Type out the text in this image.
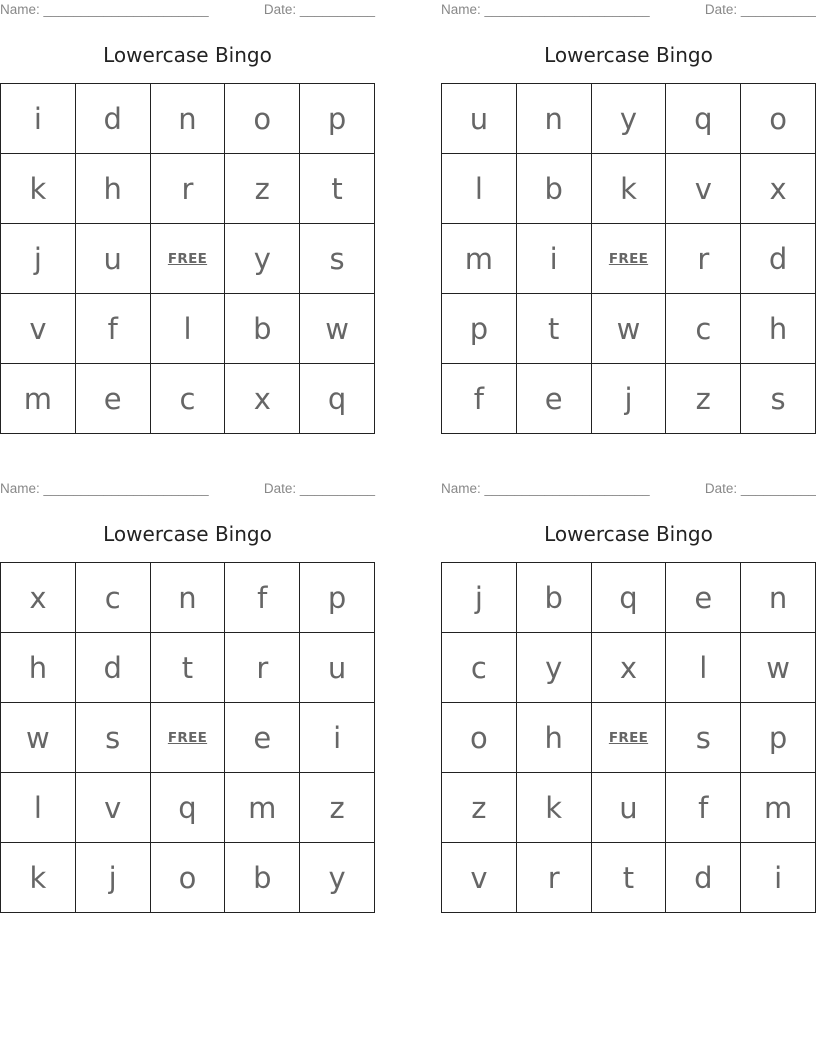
Name: ______________________	Date: __________
Lowercase Bingo
i	d	n	o	p
k	h	r	z	t
j	u	FREE	y	s
v	f	l	b	w
m	e	c	x	q
Name: ______________________	Date: __________
Lowercase Bingo
u	n	y	q	o
l	b	k	v	x
m	i	FREE	r	d
p	t	w	c	h
f	e	j	z	s
Name: ______________________	Date: __________
Lowercase Bingo
x	c	n	f	p
h	d	t	r	u
w	s	FREE	e	i
l	v	q	m	z
k	j	o	b	y
Name: ______________________	Date: __________
Lowercase Bingo
j	b	q	e	n
c	y	x	l	w
o	h	FREE	s	p
z	k	u	f	m
v	r	t	d	i
